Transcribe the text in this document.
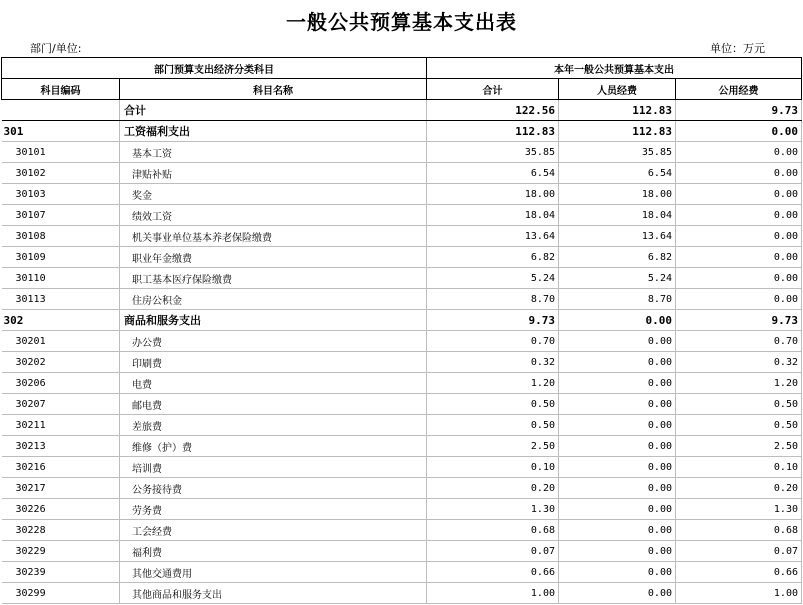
一般公共预算基本支出表
部门/单位:	单位：万元
部门预算支出经济分类科目		本年一般公共预算基本支出		
科目编码	科目名称	合计	人员经费	公用经费
	合计	122.56	112.83	9.73
301	工资福利支出	112.83	112.83	0.00
30101	基本工资	35.85	35.85	0.00
30102	津贴补贴	6.54	6.54	0.00
30103	奖金	18.00	18.00	0.00
30107	绩效工资	18.04	18.04	0.00
30108	机关事业单位基本养老保险缴费	13.64	13.64	0.00
30109	职业年金缴费	6.82	6.82	0.00
30110	职工基本医疗保险缴费	5.24	5.24	0.00
30113	住房公积金	8.70	8.70	0.00
302	商品和服务支出	9.73	0.00	9.73
30201	办公费	0.70	0.00	0.70
30202	印刷费	0.32	0.00	0.32
30206	电费	1.20	0.00	1.20
30207	邮电费	0.50	0.00	0.50
30211	差旅费	0.50	0.00	0.50
30213	维修（护）费	2.50	0.00	2.50
30216	培训费	0.10	0.00	0.10
30217	公务接待费	0.20	0.00	0.20
30226	劳务费	1.30	0.00	1.30
30228	工会经费	0.68	0.00	0.68
30229	福利费	0.07	0.00	0.07
30239	其他交通费用	0.66	0.00	0.66
30299	其他商品和服务支出	1.00	0.00	1.00
